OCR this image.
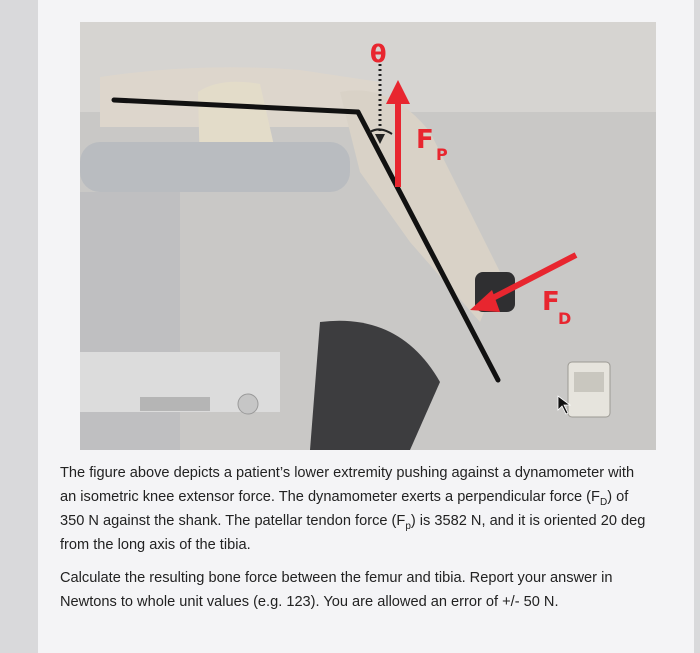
θ
F P
F
D
The figure above depicts a patient’s lower extremity pushing against a dynamometer with
an isometric knee extensor force. The dynamometer exerts a perpendicular force $(F_D)$ of
350 N against the shank. The patellar tendon force $(F_p)$ is 3582 N, and it is oriented 20 deg
from the long axis of the tibia.
Calculate the resulting bone force between the femur and tibia. Report your answer in
Newtons to whole unit values (e.g. 123). You are allowed an error of +/- 50 N.
